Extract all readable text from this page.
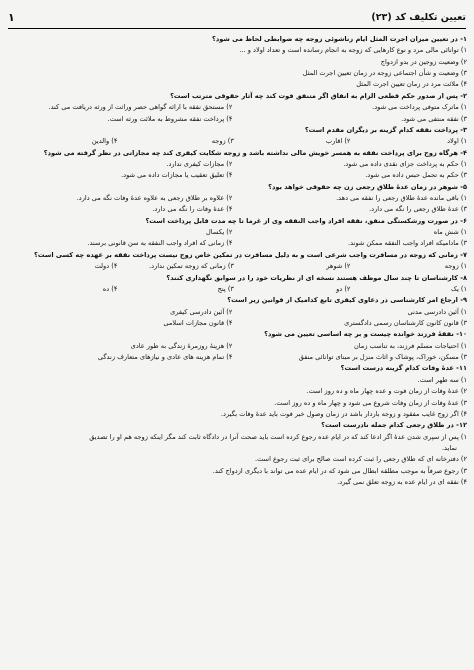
تعیین تکلیف کد (۲۳)
۱
۱- در تعیین میزان اجرت المثل ایام زناشوئی زوجه چه ضوابطی لحاظ می شود؟
۱) توانائی مالی مرد و نوع کارهایی که زوجه به انجام رسانده است و تعداد اولاد و ...
۲) وضعیت زوجین در بدو ازدواج
۳) وضعیت و شأن اجتماعی زوجه در زمان تعیین اجرت المثل
۴) ملائت مرد در زمان تعیین اجرت المثل
۲- پس از صدور حکم قطعی الزام به انفاق اگر متنفق فوت کند چه آثار حقوقی مترتب است؟
۱) ماترک متوفی پرداخت می شود.
۲) مستحق نفقه با ارائه گواهی حصر وراثت از ورثه دریافت می کند.
۳) نفقه منتفی می شود.
۴) پرداخت نفقه مشروط به ملائت ورثه است.
۳- پرداخت نفقه کدام گزینه بر دیگران مقدم است؟
۱) اولاد
۲) اقارب
۳) زوجه
۴) والدین
۴- هرگاه زوج برای پرداخت نفقه به همسر خویش مالی نداشته باشد و زوجه شکایت کیفری کند چه مجازاتی در نظر گرفته می شود؟
۱) حکم به پرداخت جزای نقدی داده می شود.
۲) مجازات کیفری ندارد.
۳) حکم به تحمل حبس داده می شود.
۴) تعلیق تعقیب یا مجازات داده می شود.
۵- شوهر در زمان عدهٔ طلاق رجعی زن چه حقوقی خواهد بود؟
۱) باقی مانده عدهٔ طلاق رجعی را نفقه می دهد.
۲) علاوه بر طلاق رجعی به علاوه عدهٔ وفات نگه می دارد.
۳) عدهٔ طلاق رجعی را نگه می دارد.
۴) عدهٔ وفات را نگه می دارد.
۶- در صورت ورشکستگی منفق، نفقه افراد واجب النفقه وی از غرما تا چه مدت قابل پرداخت است؟
۱) شش ماه
۲) یکسال
۳) مادامیکه افراد واجب النفقه ممکن شوند.
۴) زمانی که افراد واجب النفقه به سن قانونی برسند.
۷- زمانی که زوجه در مسافرت واجب شرعی است و به دلیل مسافرت در تمکین خاص زوج نیست پرداخت نفقه بر عهده چه کسی است؟
۱) زوجه
۲) شوهر
۳) زمانی که زوجه تمکین ندارد.
۴) دولت
۸- کارشناسان تا چند سال موظف هستند نسخه ای از نظریات خود را در سوابق نگهداری کنند؟
۱) یک
۲) دو
۳) پنج
۴) ده
۹- ارجاع امر کارشناسی در دعاوی کیفری تابع کدامیک از قوانین زیر است؟
۱) آئین دادرسی مدنی
۲) آئین دادرسی کیفری
۳) قانون کانون کارشناسان رسمی دادگستری
۴) قانون مجازات اسلامی
۱۰- نفقهٔ فرزند خوانده چیست و بر چه اساسی تعیین می شود؟
۱) احتیاجات مسلم فرزند، به تناسب زمان
۲) هزینهٔ روزمرهٔ زندگی به طور عادی
۳) مسکن، خوراک، پوشاک و اثاث منزل بر مبنای توانائی منفق
۴) تمام هزینه های عادی و نیازهای متعارف زندگی
۱۱- عدهٔ وفات کدام گزینه درست است؟
۱) سه طهر است.
۲) عدهٔ وفات از زمان فوت و عده چهار ماه و ده روز است.
۳) عدهٔ وفات از زمان وفات شروع می شود و چهار ماه و ده روز است.
۴) اگر زوج غایب مفقود و زوجه باردار باشد در زمان وصول خبر فوت باید عدهٔ وفات بگیرد.
۱۲- در طلاق رجعی کدام جمله نادرست است؟
۱) پس از سپری شدن عدهٔ اگر ادعا کند که در ایام عده رجوع کرده است باید صحت آنرا در دادگاه ثابت کند مگر اینکه زوجه هم او را تصدیق
نماید.
۲) دفترخانه ای که طلاق رجعی را ثبت کرده است صالح برای ثبت رجوع است.
۳) رجوع صرفاً به موجب مطلقه ابطال می شود که در ایام عده می تواند با دیگری ازدواج کند.
۴) نفقه ای در ایام عده به زوجه تعلق نمی گیرد.
